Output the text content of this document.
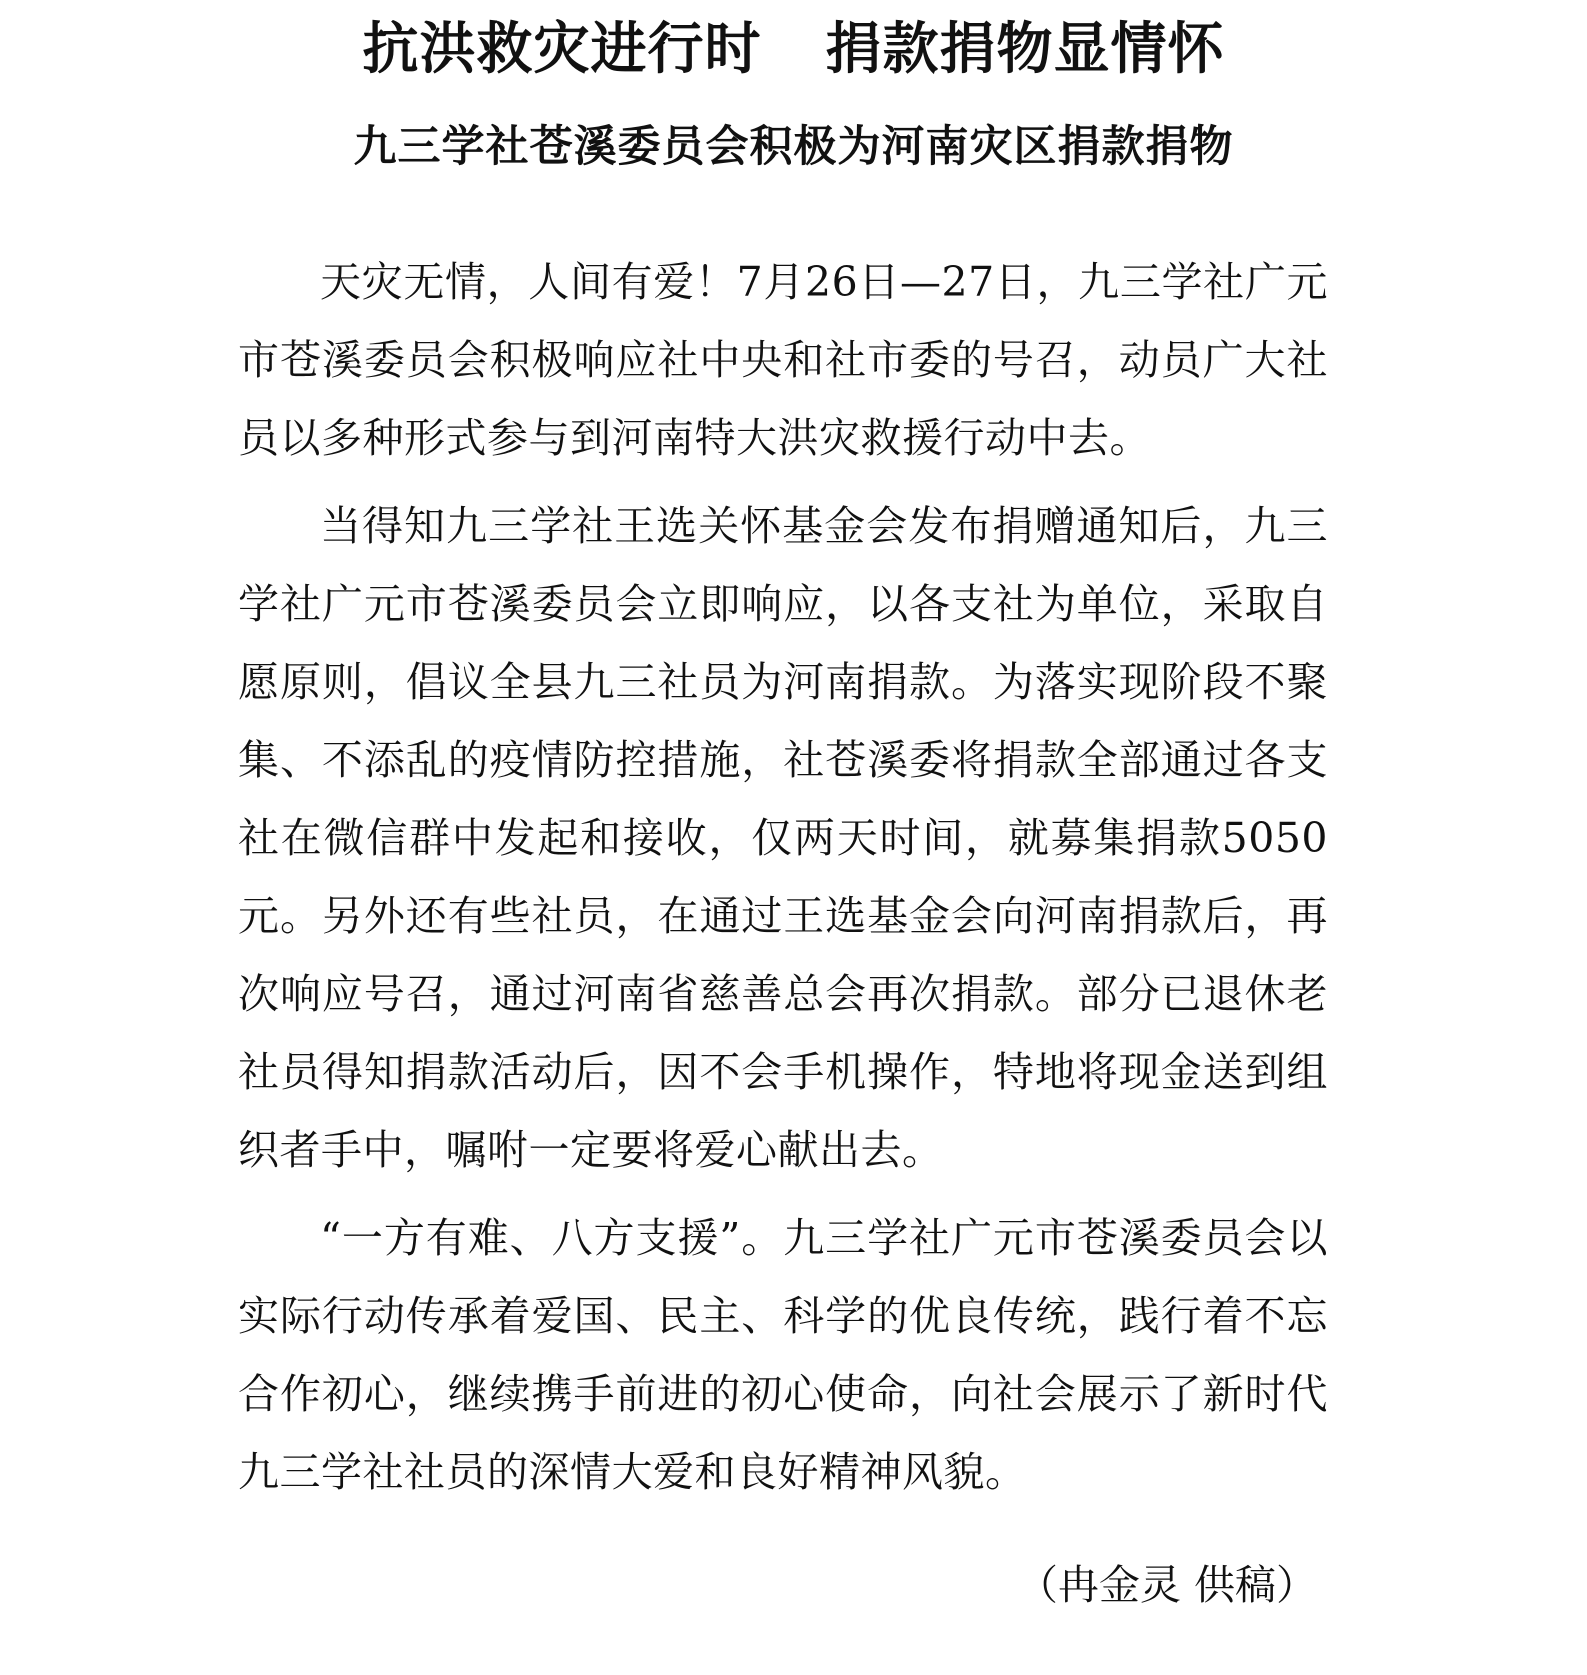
抗洪救灾进行时 捐款捐物显情怀
九三学社苍溪委员会积极为河南灾区捐款捐物

天灾无情，人间有爱！7月26日—27日，九三学社广元市苍溪委员会积极响应社中央和社市委的号召，动员广大社员以多种形式参与到河南特大洪灾救援行动中去。

当得知九三学社王选关怀基金会发布捐赠通知后，九三学社广元市苍溪委员会立即响应，以各支社为单位，采取自愿原则，倡议全县九三社员为河南捐款。为落实现阶段不聚集、不添乱的疫情防控措施，社苍溪委将捐款全部通过各支社在微信群中发起和接收，仅两天时间，就募集捐款5050元。另外还有些社员，在通过王选基金会向河南捐款后，再次响应号召，通过河南省慈善总会再次捐款。部分已退休老社员得知捐款活动后，因不会手机操作，特地将现金送到组织者手中，嘱咐一定要将爱心献出去。

“一方有难、八方支援”。九三学社广元市苍溪委员会以实际行动传承着爱国、民主、科学的优良传统，践行着不忘合作初心，继续携手前进的初心使命，向社会展示了新时代九三学社社员的深情大爱和良好精神风貌。

（冉金灵 供稿）
